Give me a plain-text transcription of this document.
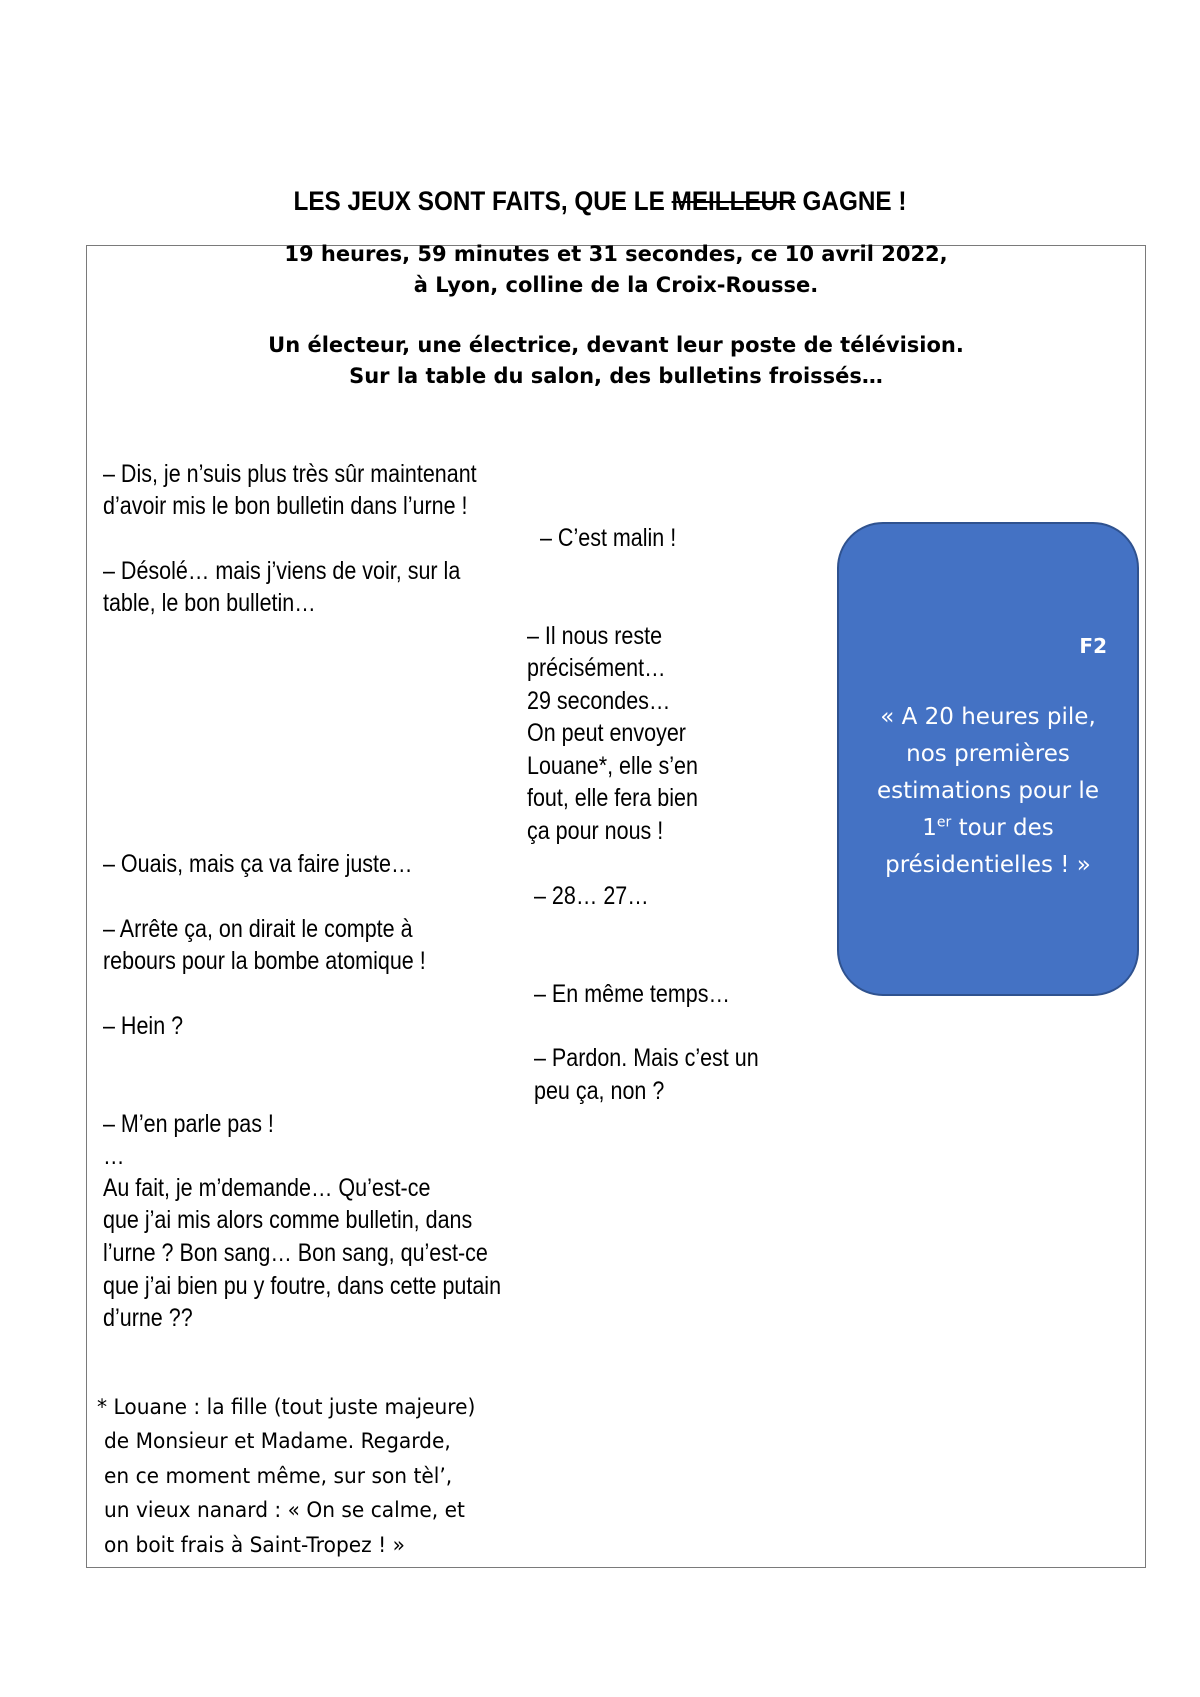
LES JEUX SONT FAITS, QUE LE MEILLEUR GAGNE !
19 heures, 59 minutes et 31 secondes, ce 10 avril 2022,
à Lyon, colline de la Croix-Rousse.
Un électeur, une électrice, devant leur poste de télévision.
Sur la table du salon, des bulletins froissés…
– Dis, je n’suis plus très sûr maintenant
d’avoir mis le bon bulletin dans l’urne !
– Désolé… mais j’viens de voir, sur la
table, le bon bulletin…
– Ouais, mais ça va faire juste…
– Arrête ça, on dirait le compte à
rebours pour la bombe atomique !
– Hein ?
– M’en parle pas !
…
Au fait, je m’demande… Qu’est-ce
que j’ai mis alors comme bulletin, dans
l’urne ? Bon sang… Bon sang, qu’est-ce
que j’ai bien pu y foutre, dans cette putain
d’urne ??
– C’est malin !
– Il nous reste
précisément…
29 secondes…
On peut envoyer
Louane*, elle s’en
fout, elle fera bien
ça pour nous !
– 28… 27…
– En même temps…
– Pardon. Mais c’est un
peu ça, non ?
* Louane : la fille (tout juste majeure)
de Monsieur et Madame. Regarde,
en ce moment même, sur son tèl’,
un vieux nanard : « On se calme, et
on boit frais à Saint-Tropez ! »
F2
« A 20 heures pile,
nos premières
estimations pour le
1er tour des
présidentielles ! »
